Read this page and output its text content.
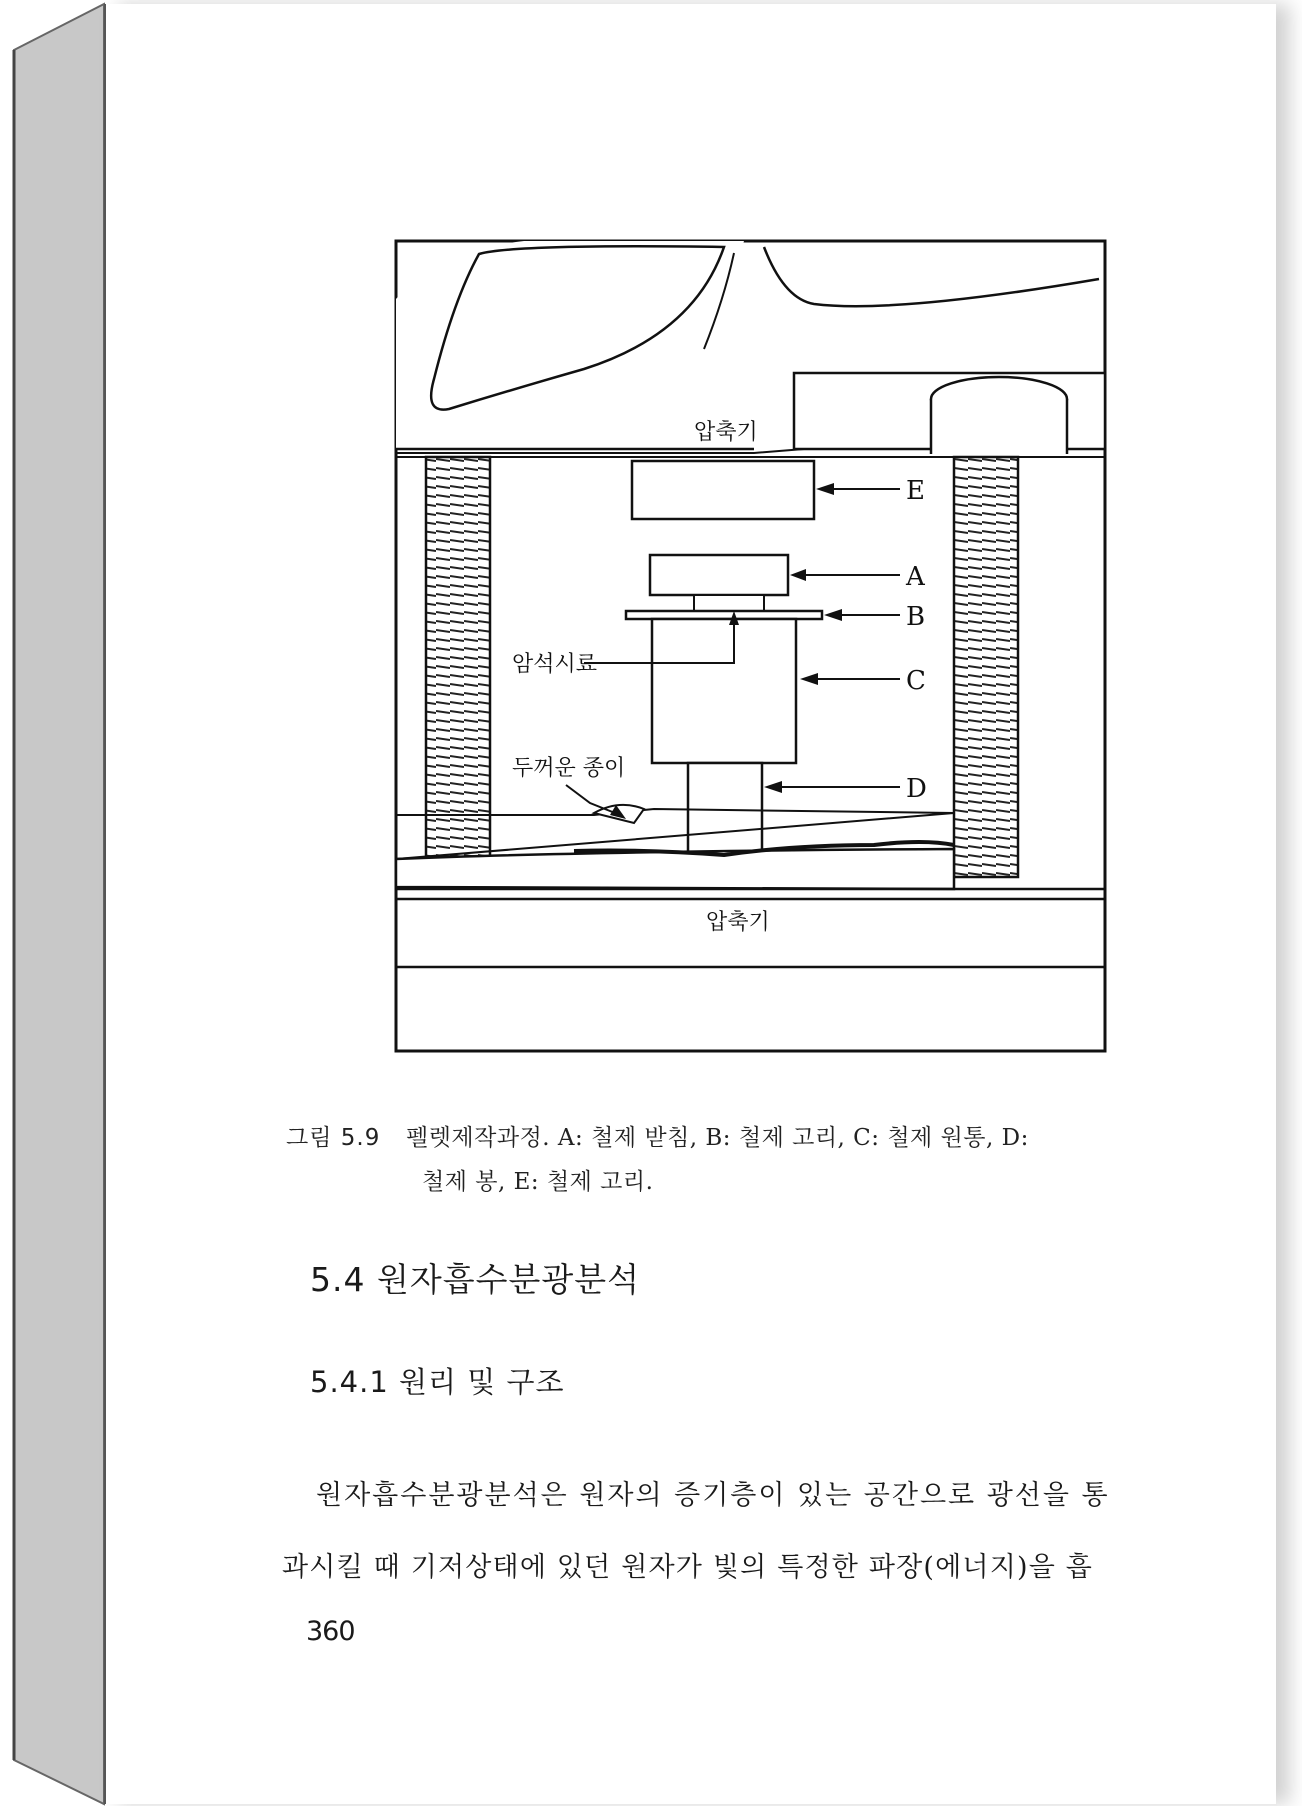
압축기
압축기
암석시료
두꺼운 종이
E
A
B
C
D
그림 5.9 펠렛제작과정. A: 철제 받침, B: 철제 고리, C: 철제 원통, D:
철제 봉, E: 철제 고리.
5.4 원자흡수분광분석
5.4.1 원리 및 구조
원자흡수분광분석은 원자의 증기층이 있는 공간으로 광선을 통
과시킬 때 기저상태에 있던 원자가 빛의 특정한 파장(에너지)을 흡
360
